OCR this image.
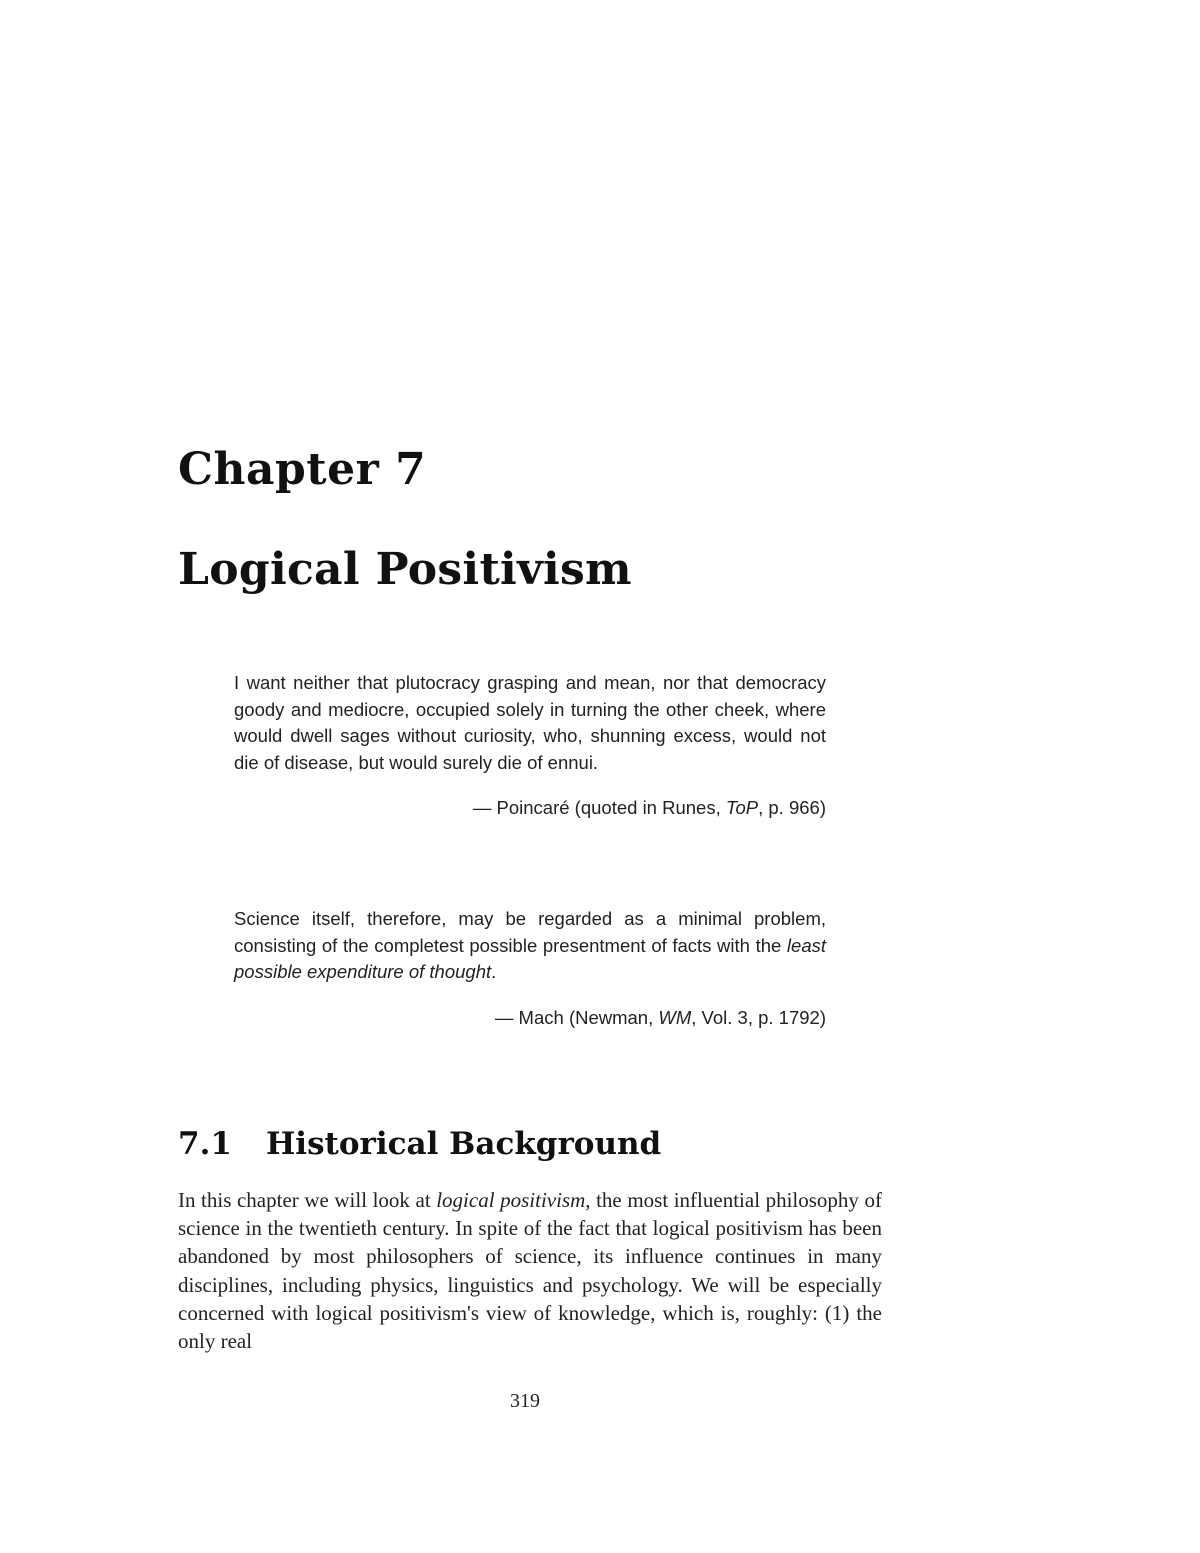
Chapter 7
Logical Positivism

I want neither that plutocracy grasping and mean, nor that democracy goody and mediocre, occupied solely in turning the other cheek, where would dwell sages without curiosity, who, shunning excess, would not die of disease, but would surely die of ennui.

— Poincaré (quoted in Runes, ToP, p. 966)

Science itself, therefore, may be regarded as a minimal problem, consisting of the completest possible presentment of facts with the least possible expenditure of thought.

— Mach (Newman, WM, Vol. 3, p. 1792)

7.1 Historical Background

In this chapter we will look at logical positivism, the most influential philosophy of science in the twentieth century. In spite of the fact that logical positivism has been abandoned by most philosophers of science, its influence continues in many disciplines, including physics, linguistics and psychology. We will be especially concerned with logical positivism's view of knowledge, which is, roughly: (1) the only real

319
